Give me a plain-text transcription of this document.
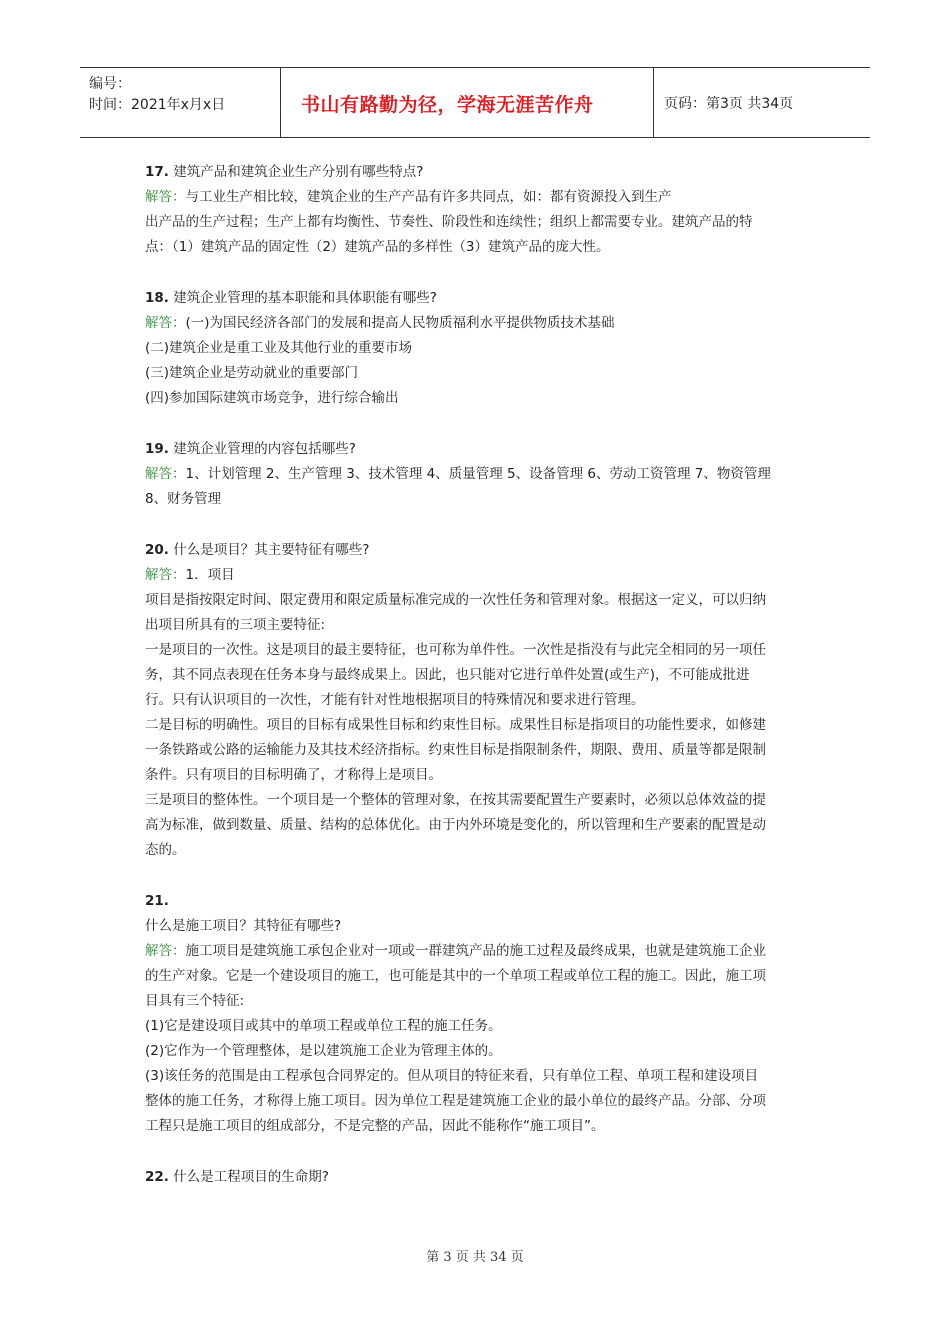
编号：
时间：2021年x月x日	书山有路勤为径，学海无涯苦作舟	页码：第3页 共34页
17. 建筑产品和建筑企业生产分别有哪些特点?
解答：与工业生产相比较，建筑企业的生产产品有许多共同点，如：都有资源投入到生产
出产品的生产过程；生产上都有均衡性、节奏性、阶段性和连续性；组织上都需要专业。建筑产品的特
点：（1）建筑产品的固定性（2）建筑产品的多样性（3）建筑产品的庞大性。
18. 建筑企业管理的基本职能和具体职能有哪些?
解答：(一)为国民经济各部门的发展和提高人民物质福利水平提供物质技术基础
(二)建筑企业是重工业及其他行业的重要市场
(三)建筑企业是劳动就业的重要部门
(四)参加国际建筑市场竞争，进行综合输出
19. 建筑企业管理的内容包括哪些?
解答：1、计划管理 2、生产管理 3、技术管理 4、质量管理 5、设备管理 6、劳动工资管理 7、物资管理
8、财务管理
20. 什么是项目？其主要特征有哪些?
解答：1．项目
项目是指按限定时间、限定费用和限定质量标准完成的一次性任务和管理对象。根据这一定义，可以归纳
出项目所具有的三项主要特征:
一是项目的一次性。这是项目的最主要特征，也可称为单件性。一次性是指没有与此完全相同的另一项任
务，其不同点表现在任务本身与最终成果上。因此，也只能对它进行单件处置(或生产)，不可能成批进
行。只有认识项目的一次性，才能有针对性地根据项目的特殊情况和要求进行管理。
二是目标的明确性。项目的目标有成果性目标和约束性目标。成果性目标是指项目的功能性要求，如修建
一条铁路或公路的运输能力及其技术经济指标。约束性目标是指限制条件，期限、费用、质量等都是限制
条件。只有项目的目标明确了，才称得上是项目。
三是项目的整体性。一个项目是一个整体的管理对象，在按其需要配置生产要素时，必须以总体效益的提
高为标准，做到数量、质量、结构的总体优化。由于内外环境是变化的，所以管理和生产要素的配置是动
态的。
21.
什么是施工项目？其特征有哪些?
解答：施工项目是建筑施工承包企业对一项或一群建筑产品的施工过程及最终成果，也就是建筑施工企业
的生产对象。它是一个建设项目的施工，也可能是其中的一个单项工程或单位工程的施工。因此，施工项
目具有三个特征:
(1)它是建设项目或其中的单项工程或单位工程的施工任务。
(2)它作为一个管理整体，是以建筑施工企业为管理主体的。
(3)该任务的范围是由工程承包合同界定的。但从项目的特征来看，只有单位工程、单项工程和建设项目
整体的施工任务，才称得上施工项目。因为单位工程是建筑施工企业的最小单位的最终产品。分部、分项
工程只是施工项目的组成部分，不是完整的产品，因此不能称作“施工项目”。
22. 什么是工程项目的生命期?
第 3 页 共 34 页
